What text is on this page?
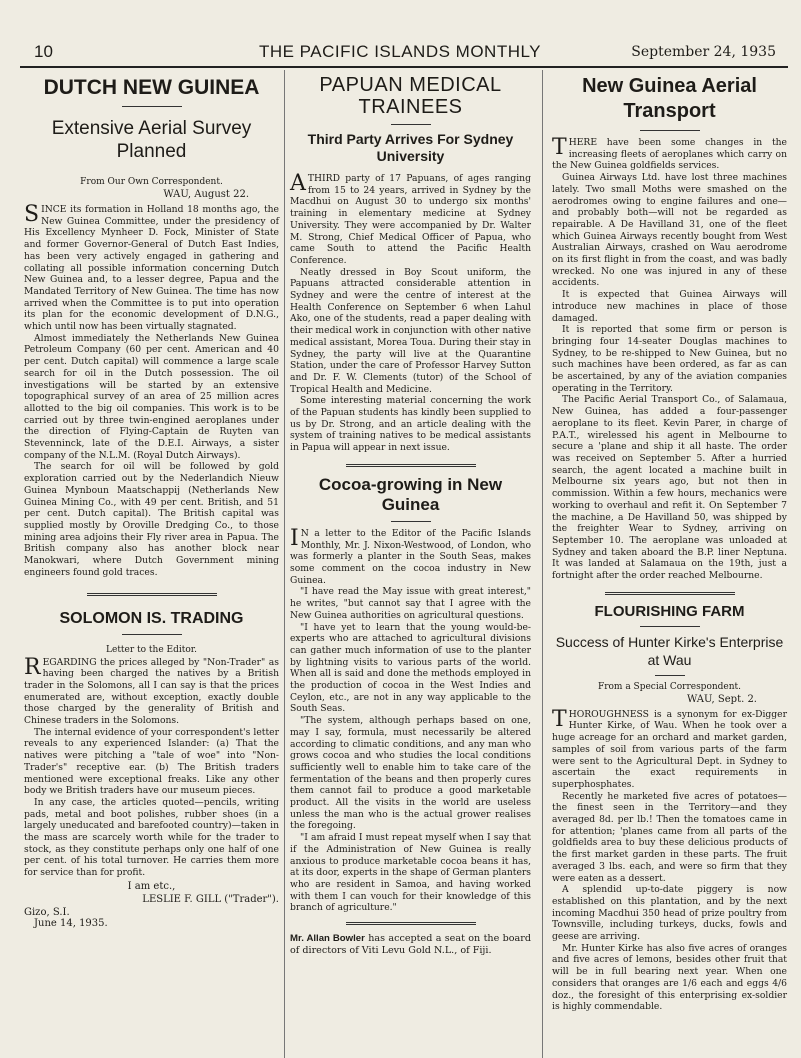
10	THE PACIFIC ISLANDS MONTHLY	September 24, 1935
DUTCH NEW GUINEA
Extensive Aerial Survey Planned
From Our Own Correspondent.
WAU, August 22.

SINCE its formation in Holland 18 months ago, the New Guinea Committee, under the presidency of His Excellency Mynheer D. Fock, Minister of State and former Governor-General of Dutch East Indies, has been very actively engaged in gathering and collating all possible information concerning Dutch New Guinea and, to a lesser degree, Papua and the Mandated Territory of New Guinea. The time has now arrived when the Committee is to put into operation its plan for the economic development of D.N.G., which until now has been virtually stagnated.

Almost immediately the Netherlands New Guinea Petroleum Company (60 per cent. American and 40 per cent. Dutch capital) will commence a large scale search for oil in the Dutch possession. The oil investigations will be started by an extensive topographical survey of an area of 25 million acres allotted to the big oil companies. This work is to be carried out by three twin-engined aeroplanes under the direction of Flying-Captain de Ruyten van Stevenninck, late of the D.E.I. Airways, a sister company of the N.L.M. (Royal Dutch Airways).

The search for oil will be followed by gold exploration carried out by the Nederlandich Nieuw Guinea Mynboun Maatschappij (Netherlands New Guinea Mining Co., with 49 per cent. British, and 51 per cent. Dutch capital). The British capital was supplied mostly by Oroville Dredging Co., to those mining area adjoins their Fly river area in Papua. The British company also has another block near Manokwari, where Dutch Government mining engineers found gold traces.

SOLOMON IS. TRADING
Letter to the Editor.

REGARDING the prices alleged by "Non-Trader" as having been charged the natives by a British trader in the Solomons, all I can say is that the prices enumerated are, without exception, exactly double those charged by the generality of British and Chinese traders in the Solomons.

The internal evidence of your correspondent's letter reveals to any experienced Islander: (a) That the natives were pitching a "tale of woe" into "Non-Trader's" receptive ear. (b) The British traders mentioned were exceptional freaks. Like any other body we British traders have our museum pieces.

In any case, the articles quoted—pencils, writing pads, metal and boot polishes, rubber shoes (in a largely uneducated and barefooted country)—taken in the mass are scarcely worth while for the trader to stock, as they constitute perhaps only one half of one per cent. of his total turnover. He carries them more for service than for profit.

I am etc.,
LESLIE F. GILL ("Trader").
Gizo, S.I.
June 14, 1935.
PAPUAN MEDICAL TRAINEES
Third Party Arrives For Sydney University

A THIRD party of 17 Papuans, of ages ranging from 15 to 24 years, arrived in Sydney by the Macdhui on August 30 to undergo six months' training in elementary medicine at Sydney University. They were accompanied by Dr. Walter M. Strong, Chief Medical Officer of Papua, who came South to attend the Pacific Health Conference.

Neatly dressed in Boy Scout uniform, the Papuans attracted considerable attention in Sydney and were the centre of interest at the Health Conference on September 6 when Lahul Ako, one of the students, read a paper dealing with their medical work in conjunction with other native medical assistant, Morea Toua. During their stay in Sydney, the party will live at the Quarantine Station, under the care of Professor Harvey Sutton and Dr. F. W. Clements (tutor) of the School of Tropical Health and Medicine.

Some interesting material concerning the work of the Papuan students has kindly been supplied to us by Dr. Strong, and an article dealing with the system of training natives to be medical assistants in Papua will appear in next issue.

Cocoa-growing in New Guinea

I N a letter to the Editor of the Pacific Islands Monthly, Mr. J. Nixon-Westwood, of London, who was formerly a planter in the South Seas, makes some comment on the cocoa industry in New Guinea.

"I have read the May issue with great interest," he writes, "but cannot say that I agree with the New Guinea authorities on agricultural questions.

"I have yet to learn that the young would-be-experts who are attached to agricultural divisions can gather much information of use to the planter by lightning visits to various parts of the world. When all is said and done the methods employed in the production of cocoa in the West Indies and Ceylon, etc., are not in any way applicable to the South Seas.

"The system, although perhaps based on one, may I say, formula, must necessarily be altered according to climatic conditions, and any man who grows cocoa and who studies the local conditions sufficiently well to enable him to take care of the fermentation of the beans and then properly cures them cannot fail to produce a good marketable product. All the visits in the world are useless unless the man who is the actual grower realises the foregoing.

"I am afraid I must repeat myself when I say that if the Administration of New Guinea is really anxious to produce marketable cocoa beans it has, at its door, experts in the shape of German planters who are resident in Samoa, and having worked with them I can vouch for their knowledge of this branch of agriculture."

Mr. Allan Bowler has accepted a seat on the board of directors of Viti Levu Gold N.L., of Fiji.
New Guinea Aerial Transport

THERE have been some changes in the increasing fleets of aeroplanes which carry on the New Guinea goldfields services.

Guinea Airways Ltd. have lost three machines lately. Two small Moths were smashed on the aerodromes owing to engine failures and one—and probably both—will not be regarded as repairable. A De Havilland 31, one of the fleet which Guinea Airways recently bought from West Australian Airways, crashed on Wau aerodrome on its first flight in from the coast, and was badly wrecked. No one was injured in any of these accidents.

It is expected that Guinea Airways will introduce new machines in place of those damaged.

It is reported that some firm or person is bringing four 14-seater Douglas machines to Sydney, to be re-shipped to New Guinea, but no such machines have been ordered, as far as can be ascertained, by any of the aviation companies operating in the Territory.

The Pacific Aerial Transport Co., of Salamaua, New Guinea, has added a four-passenger aeroplane to its fleet. Kevin Parer, in charge of P.A.T., wirelessed his agent in Melbourne to secure a 'plane and ship it all haste. The order was received on September 5. After a hurried search, the agent located a machine built in Melbourne six years ago, but not then in commission. Within a few hours, mechanics were working to overhaul and refit it. On September 7 the machine, a De Havilland 50, was shipped by the freighter Wear to Sydney, arriving on September 10. The aeroplane was unloaded at Sydney and taken aboard the B.P. liner Neptuna. It was landed at Salamaua on the 19th, just a fortnight after the order reached Melbourne.

FLOURISHING FARM
Success of Hunter Kirke's Enterprise at Wau
From a Special Correspondent.
WAU, Sept. 2.

THOROUGHNESS is a synonym for ex-Digger Hunter Kirke, of Wau. When he took over a huge acreage for an orchard and market garden, samples of soil from various parts of the farm were sent to the Agricultural Dept. in Sydney to ascertain the exact requirements in superphosphates.

Recently he marketed five acres of potatoes—the finest seen in the Territory—and they averaged 8d. per lb.! Then the tomatoes came in for attention; 'planes came from all parts of the goldfields area to buy these delicious products of the first market garden in these parts. The fruit averaged 3 lbs. each, and were so firm that they were eaten as a dessert.

A splendid up-to-date piggery is now established on this plantation, and by the next incoming Macdhui 350 head of prize poultry from Townsville, including turkeys, ducks, fowls and geese are arriving.

Mr. Hunter Kirke has also five acres of oranges and five acres of lemons, besides other fruit that will be in full bearing next year. When one considers that oranges are 1/6 each and eggs 4/6 doz., the foresight of this enterprising ex-soldier is highly commendable.
